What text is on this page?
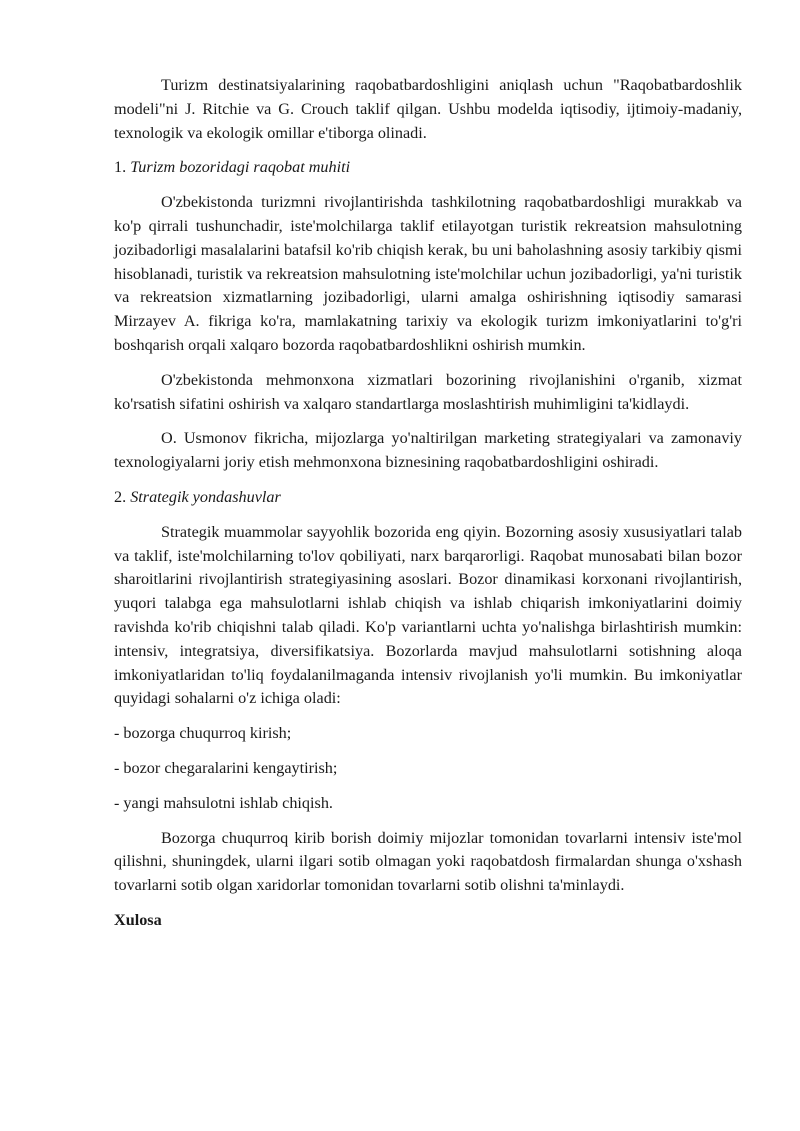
Turizm destinatsiyalarining raqobatbardoshligini aniqlash uchun "Raqobatbardoshlik modeli"ni J. Ritchie va G. Crouch taklif qilgan. Ushbu modelda iqtisodiy, ijtimoiy-madaniy, texnologik va ekologik omillar e'tiborga olinadi.

1. Turizm bozoridagi raqobat muhiti

O'zbekistonda turizmni rivojlantirishda tashkilotning raqobatbardoshligi murakkab va ko'p qirrali tushunchadir, iste'molchilarga taklif etilayotgan turistik rekreatsion mahsulotning jozibadorligi masalalarini batafsil ko'rib chiqish kerak, bu uni baholashning asosiy tarkibiy qismi hisoblanadi, turistik va rekreatsion mahsulotning iste'molchilar uchun jozibadorligi, ya'ni turistik va rekreatsion xizmatlarning jozibadorligi, ularni amalga oshirishning iqtisodiy samarasi Mirzayev A. fikriga ko'ra, mamlakatning tarixiy va ekologik turizm imkoniyatlarini to'g'ri boshqarish orqali xalqaro bozorda raqobatbardoshlikni oshirish mumkin.

O'zbekistonda mehmonxona xizmatlari bozorining rivojlanishini o'rganib, xizmat ko'rsatish sifatini oshirish va xalqaro standartlarga moslashtirish muhimligini ta'kidlaydi.

O. Usmonov fikricha, mijozlarga yo'naltirilgan marketing strategiyalari va zamonaviy texnologiyalarni joriy etish mehmonxona biznesining raqobatbardoshligini oshiradi.

2. Strategik yondashuvlar

Strategik muammolar sayyohlik bozorida eng qiyin. Bozorning asosiy xususiyatlari talab va taklif, iste'molchilarning to'lov qobiliyati, narx barqarorligi. Raqobat munosabati bilan bozor sharoitlarini rivojlantirish strategiyasining asoslari. Bozor dinamikasi korxonani rivojlantirish, yuqori talabga ega mahsulotlarni ishlab chiqish va ishlab chiqarish imkoniyatlarini doimiy ravishda ko'rib chiqishni talab qiladi. Ko'p variantlarni uchta yo'nalishga birlashtirish mumkin: intensiv, integratsiya, diversifikatsiya. Bozorlarda mavjud mahsulotlarni sotishning aloqa imkoniyatlaridan to'liq foydalanilmaganda intensiv rivojlanish yo'li mumkin. Bu imkoniyatlar quyidagi sohalarni o'z ichiga oladi:

- bozorga chuqurroq kirish;

- bozor chegaralarini kengaytirish;

- yangi mahsulotni ishlab chiqish.

Bozorga chuqurroq kirib borish doimiy mijozlar tomonidan tovarlarni intensiv iste'mol qilishni, shuningdek, ularni ilgari sotib olmagan yoki raqobatdosh firmalardan shunga o'xshash tovarlarni sotib olgan xaridorlar tomonidan tovarlarni sotib olishni ta'minlaydi.

Xulosa
